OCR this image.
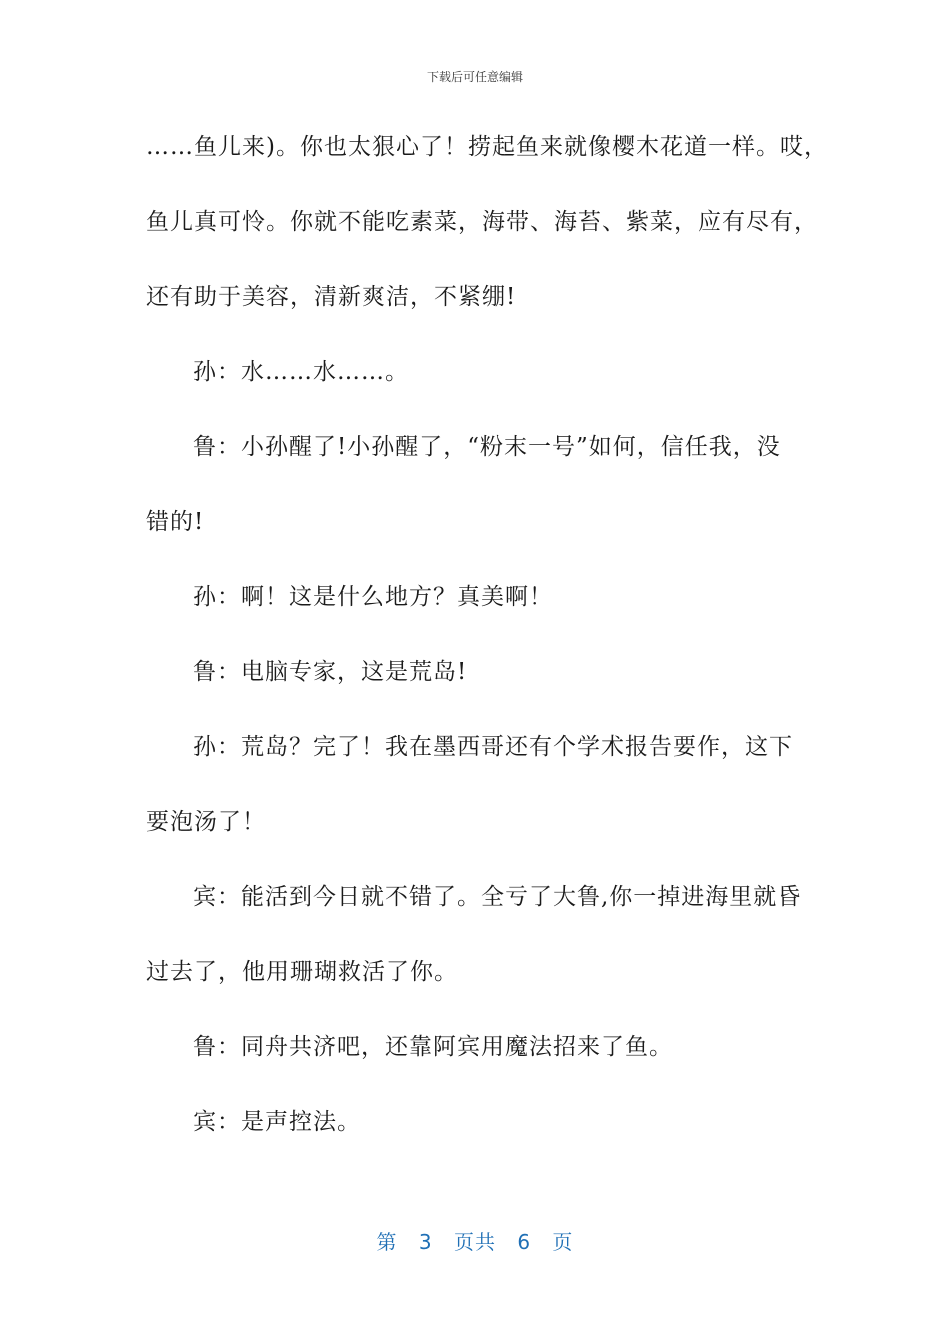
下载后可任意编辑
……鱼儿来)。你也太狠心了！捞起鱼来就像樱木花道一样。哎，
鱼儿真可怜。你就不能吃素菜，海带、海苔、紫菜，应有尽有，
还有助于美容，清新爽洁，不紧绷!
孙：水……水……。
鲁：小孙醒了!小孙醒了，“粉末一号”如何，信任我，没
错的!
孙：啊！这是什么地方？真美啊！
鲁：电脑专家，这是荒岛!
孙：荒岛？完了！我在墨西哥还有个学术报告要作，这下
要泡汤了！
宾：能活到今日就不错了。全亏了大鲁,你一掉进海里就昏
过去了，他用珊瑚救活了你。
鲁：同舟共济吧，还靠阿宾用魔法招来了鱼。
宾：是声控法。
第 3 页共 6 页
